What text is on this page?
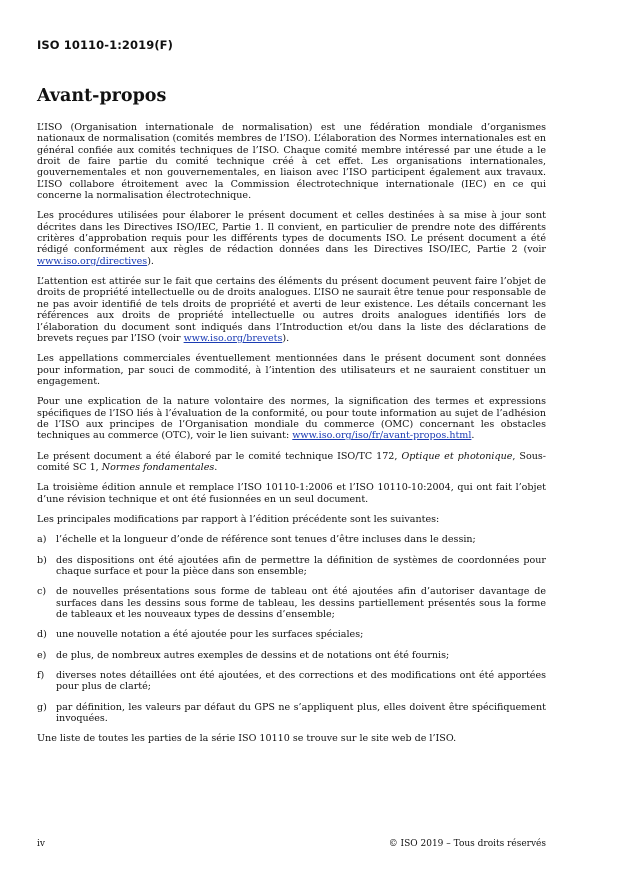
ISO 10110-1:2019(F)
Avant-propos

L’ISO (Organisation internationale de normalisation) est une fédération mondiale d’organismes nationaux de normalisation (comités membres de l’ISO). L’élaboration des Normes internationales est en général confiée aux comités techniques de l’ISO. Chaque comité membre intéressé par une étude a le droit de faire partie du comité technique créé à cet effet. Les organisations internationales, gouvernementales et non gouvernementales, en liaison avec l’ISO participent également aux travaux. L’ISO collabore étroitement avec la Commission électrotechnique internationale (IEC) en ce qui concerne la normalisation électrotechnique.

Les procédures utilisées pour élaborer le présent document et celles destinées à sa mise à jour sont décrites dans les Directives ISO/IEC, Partie 1. Il convient, en particulier de prendre note des différents critères d’approbation requis pour les différents types de documents ISO. Le présent document a été rédigé conformément aux règles de rédaction données dans les Directives ISO/IEC, Partie 2 (voir www.iso.org/directives).

L’attention est attirée sur le fait que certains des éléments du présent document peuvent faire l’objet de droits de propriété intellectuelle ou de droits analogues. L’ISO ne saurait être tenue pour responsable de ne pas avoir identifié de tels droits de propriété et averti de leur existence. Les détails concernant les références aux droits de propriété intellectuelle ou autres droits analogues identifiés lors de l’élaboration du document sont indiqués dans l’Introduction et/ou dans la liste des déclarations de brevets reçues par l’ISO (voir www.iso.org/brevets).

Les appellations commerciales éventuellement mentionnées dans le présent document sont données pour information, par souci de commodité, à l’intention des utilisateurs et ne sauraient constituer un engagement.

Pour une explication de la nature volontaire des normes, la signification des termes et expressions spécifiques de l’ISO liés à l’évaluation de la conformité, ou pour toute information au sujet de l’adhésion de l’ISO aux principes de l’Organisation mondiale du commerce (OMC) concernant les obstacles techniques au commerce (OTC), voir le lien suivant: www.iso.org/iso/fr/avant-propos.html.

Le présent document a été élaboré par le comité technique ISO/TC 172, Optique et photonique, Sous-comité SC 1, Normes fondamentales.

La troisième édition annule et remplace l’ISO 10110-1:2006 et l’ISO 10110-10:2004, qui ont fait l’objet d’une révision technique et ont été fusionnées en un seul document.

Les principales modifications par rapport à l’édition précédente sont les suivantes:

a)	l’échelle et la longueur d’onde de référence sont tenues d’être incluses dans le dessin;
b) des dispositions ont été ajoutées afin de permettre la définition de systèmes de coordonnées pour chaque surface et pour la pièce dans son ensemble;
c)	de nouvelles présentations sous forme de tableau ont été ajoutées afin d’autoriser davantage de surfaces dans les dessins sous forme de tableau, les dessins partiellement présentés sous la forme de tableaux et les nouveaux types de dessins d’ensemble;
d) une nouvelle notation a été ajoutée pour les surfaces spéciales;
e)	de plus, de nombreux autres exemples de dessins et de notations ont été fournis;
f)	diverses notes détaillées ont été ajoutées, et des corrections et des modifications ont été apportées pour plus de clarté;
g) par définition, les valeurs par défaut du GPS ne s’appliquent plus, elles doivent être spécifiquement invoquées.

Une liste de toutes les parties de la série ISO 10110 se trouve sur le site web de l’ISO.

iv	© ISO 2019 – Tous droits réservés
